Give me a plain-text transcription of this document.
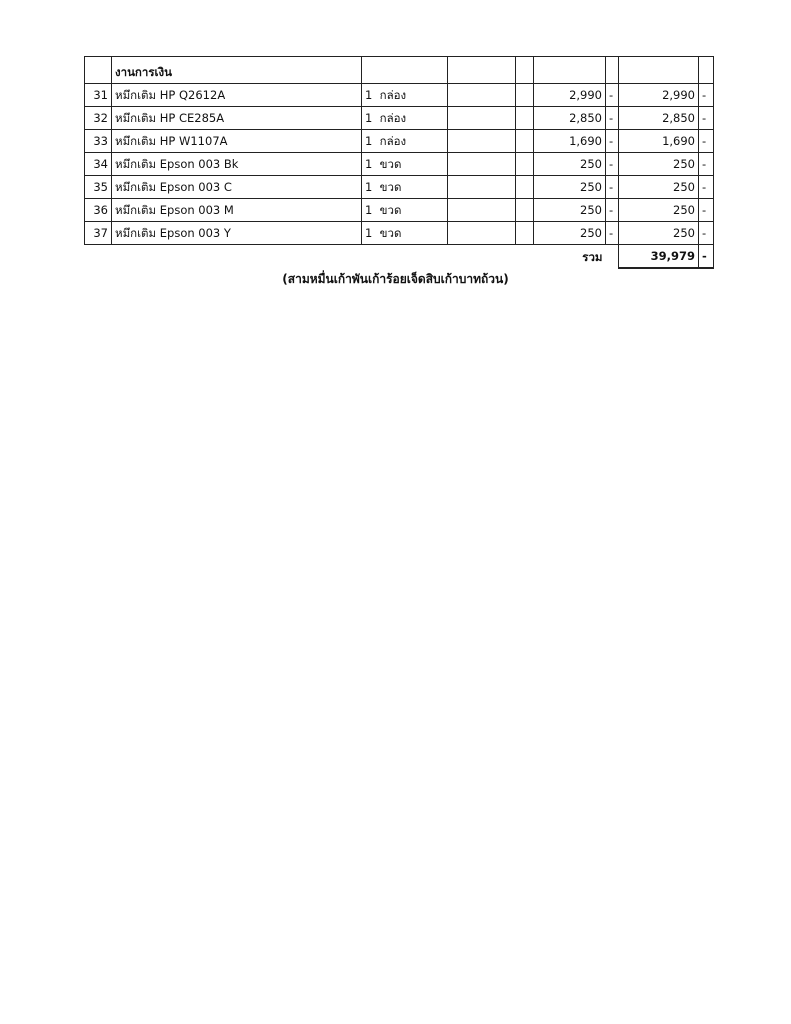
	งานการเงิน							
31	หมึกเติม HP Q2612A	1 กล่อง			2,990	-	2,990	-
32	หมึกเติม HP CE285A	1 กล่อง			2,850	-	2,850	-
33	หมึกเติม HP W1107A	1 กล่อง			1,690	-	1,690	-
34	หมึกเติม Epson 003 Bk	1 ขวด			250	-	250	-
35	หมึกเติม Epson 003 C	1 ขวด			250	-	250	-
36	หมึกเติม Epson 003 M	1 ขวด			250	-	250	-
37	หมึกเติม Epson 003 Y	1 ขวด			250	-	250	-
					รวม		39,979	-
(สามหมื่นเก้าพันเก้าร้อยเจ็ดสิบเก้าบาทถ้วน)
